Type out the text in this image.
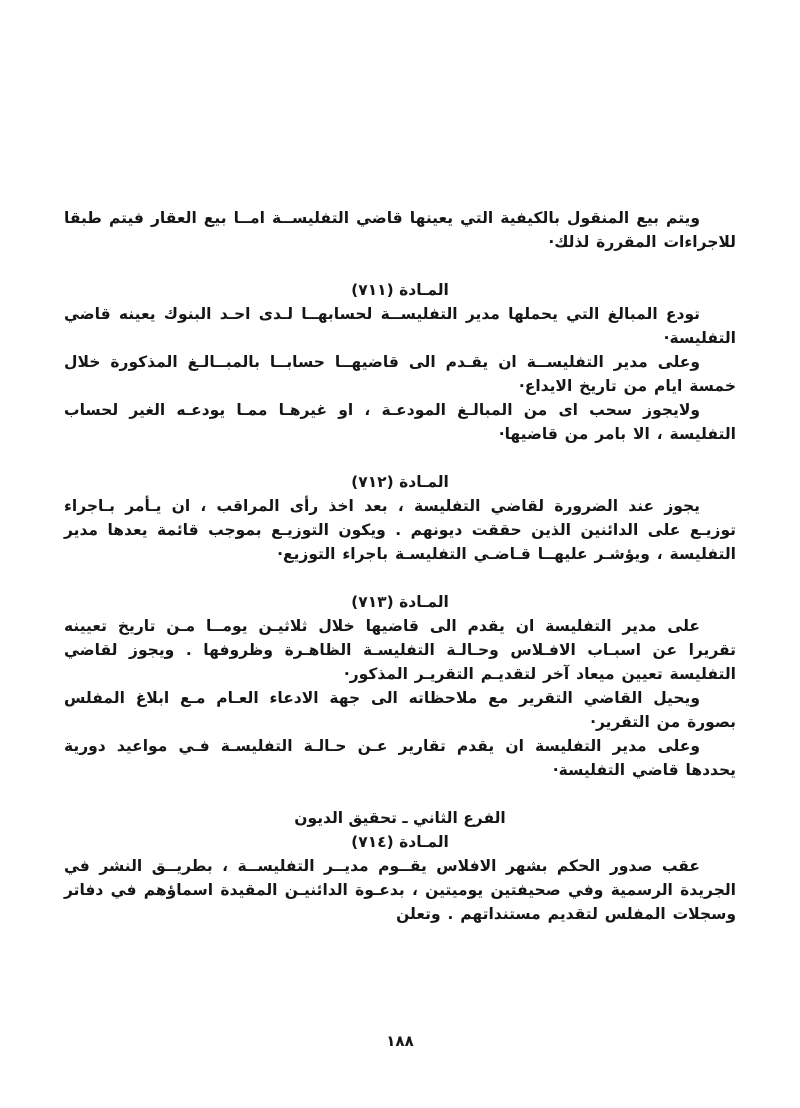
ويتم بيع المنقول بالكيفية التي يعينها قاضي التفليســة امــا بيع العقار فيتم طبقا للاجراءات المقررة لذلك·

المـادة (٧١١)

تودع المبالغ التي يحملها مدير التفليســة لحسابهــا لـدى احـد البنوك يعينه قاضي التفليسة·

وعلى مدير التفليســة ان يقـدم الى قاضيهــا حسابــا بالمبــالـغ المذكورة خلال خمسة ايام من تاريخ الايداع·

ولايجوز سحب اى من المبالـغ المودعـة ، او غيرهـا ممـا يودعـه الغير لحساب التفليسة ، الا بامر من قاضيها·

المـادة (٧١٢)

يجوز عند الضرورة لقاضي التفليسة ، بعد اخذ رأى المراقب ، ان يـأمر بـاجراء توزيـع على الدائنين الذين حققت ديونهم . ويكون التوزيـع بموجب قائمة يعدها مدير التفليسة ، ويؤشـر عليهــا قـاضـي التفليسـة باجراء التوزيع·

المـادة (٧١٣)

على مدير التفليسة ان يقدم الى قاضيها خلال ثلاثيـن يومــا مـن تاريخ تعيينه تقريرا عن اسبـاب الافـلاس وحـالـة التفليسـة الظاهـرة وظروفها . ويجوز لقاضي التفليسة تعيين ميعاد آخر لتقديـم التقريـر المذكور·

ويحيل القاضي التقرير مع ملاحظاته الى جهة الادعاء العـام مـع ابلاغ المفلس بصورة من التقرير·

وعلى مدير التفليسة ان يقدم تقارير عـن حـالـة التفليسـة فـي مواعيد دورية يحددها قاضي التفليسة·

الفرع الثاني ـ تحقيق الديون
المـادة (٧١٤)

عقب صدور الحكم بشهر الافلاس يقــوم مديــر التفليســة ، بطريــق النشر في الجريدة الرسمية وفي صحيفتين يوميتين ، بدعـوة الدائنيـن المقيدة اسماؤهم في دفاتر وسجلات المفلس لتقديم مستنداتهم . وتعلن

١٨٨
